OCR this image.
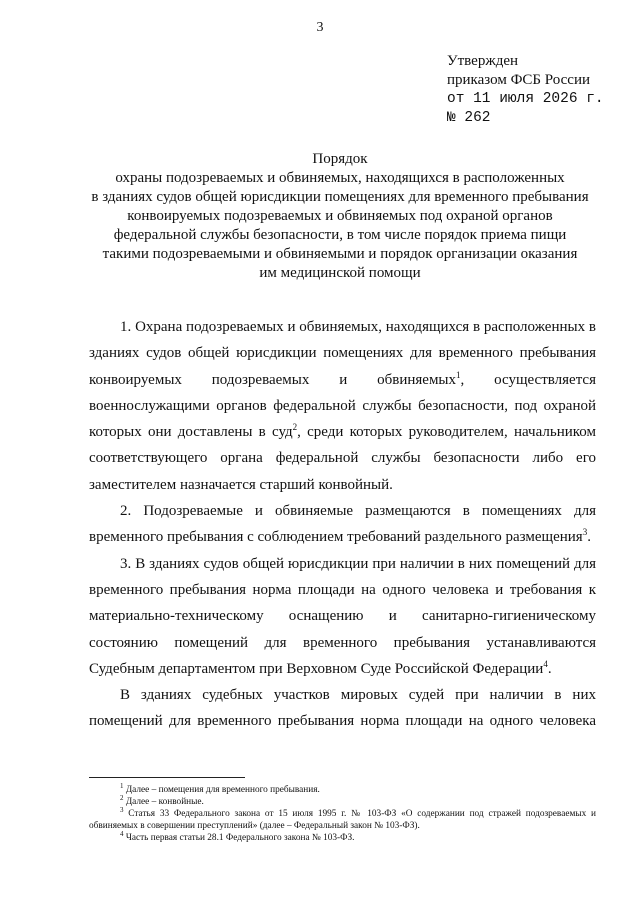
3
Утвержден
приказом ФСБ России
от 11 июля 2026 г.
№ 262
Порядок
охраны подозреваемых и обвиняемых, находящихся в расположенных
в зданиях судов общей юрисдикции помещениях для временного пребывания
конвоируемых подозреваемых и обвиняемых под охраной органов
федеральной службы безопасности, в том числе порядок приема пищи
такими подозреваемыми и обвиняемыми и порядок организации оказания
им медицинской помощи

1. Охрана подозреваемых и обвиняемых, находящихся в расположенных в зданиях судов общей юрисдикции помещениях для временного пребывания конвоируемых подозреваемых и обвиняемых$^1$, осуществляется военнослужащими органов федеральной службы безопасности, под охраной которых они доставлены в суд$^2$, среди которых руководителем, начальником соответствующего органа федеральной службы безопасности либо его заместителем назначается старший конвойный.

2. Подозреваемые и обвиняемые размещаются в помещениях для временного пребывания с соблюдением требований раздельного размещения$^3$.

3. В зданиях судов общей юрисдикции при наличии в них помещений для временного пребывания норма площади на одного человека и требования к материально-техническому оснащению и санитарно-гигиеническому состоянию помещений для временного пребывания устанавливаются Судебным департаментом при Верховном Суде Российской Федерации$^4$.

В зданиях судебных участков мировых судей при наличии в них помещений для временного пребывания норма площади на одного человека

$^1$ Далее – помещения для временного пребывания.

$^2$ Далее – конвойные.

$^3$ Статья 33 Федерального закона от 15 июля 1995 г. № 103-ФЗ «О содержании под стражей подозреваемых и обвиняемых в совершении преступлений» (далее – Федеральный закон № 103-ФЗ).

$^4$ Часть первая статьи 28.1 Федерального закона № 103-ФЗ.
